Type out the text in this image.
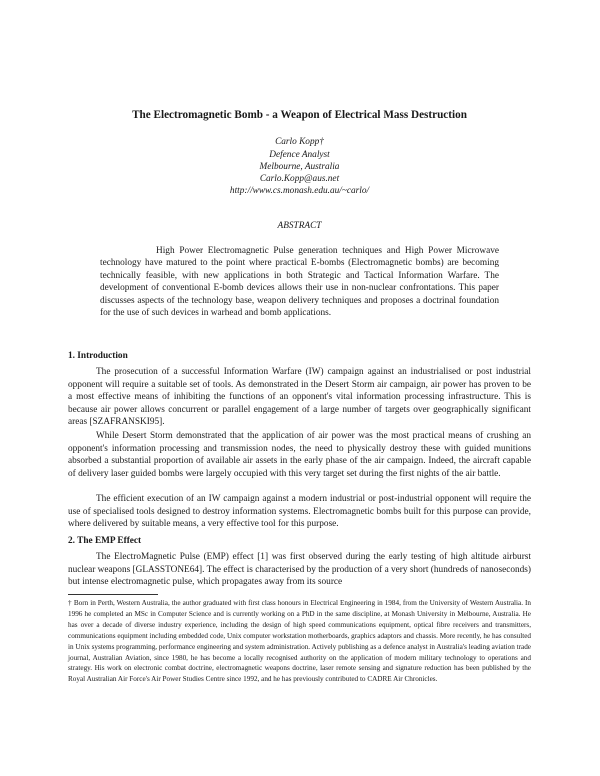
The Electromagnetic Bomb - a Weapon of Electrical Mass Destruction
Carlo Kopp†
Defence Analyst
Melbourne, Australia
Carlo.Kopp@aus.net
http://www.cs.monash.edu.au/~carlo/
ABSTRACT

High Power Electromagnetic Pulse generation techniques and High Power Microwave technology have matured to the point where practical E-bombs (Electromagnetic bombs) are becoming technically feasible, with new applications in both Strategic and Tactical Information Warfare. The development of conventional E-bomb devices allows their use in non-nuclear confrontations. This paper discusses aspects of the technology base, weapon delivery techniques and proposes a doctrinal foundation for the use of such devices in warhead and bomb applications.

1. Introduction

The prosecution of a successful Information Warfare (IW) campaign against an industrialised or post industrial opponent will require a suitable set of tools. As demonstrated in the Desert Storm air campaign, air power has proven to be a most effective means of inhibiting the functions of an opponent's vital information processing infrastructure. This is because air power allows concurrent or parallel engagement of a large number of targets over geographically significant areas [SZAFRANSKI95].

While Desert Storm demonstrated that the application of air power was the most practical means of crushing an opponent's information processing and transmission nodes, the need to physically destroy these with guided munitions absorbed a substantial proportion of available air assets in the early phase of the air campaign. Indeed, the aircraft capable of delivery laser guided bombs were largely occupied with this very target set during the first nights of the air battle.

The efficient execution of an IW campaign against a modern industrial or post-industrial opponent will require the use of specialised tools designed to destroy information systems. Electromagnetic bombs built for this purpose can provide, where delivered by suitable means, a very effective tool for this purpose.

2. The EMP Effect

The ElectroMagnetic Pulse (EMP) effect [1] was first observed during the early testing of high altitude airburst nuclear weapons [GLASSTONE64]. The effect is characterised by the production of a very short (hundreds of nanoseconds) but intense electromagnetic pulse, which propagates away from its source

† Born in Perth, Western Australia, the author graduated with first class honours in Electrical Engineering in 1984, from the University of Western Australia. In 1996 he completed an MSc in Computer Science and is currently working on a PhD in the same discipline, at Monash University in Melbourne, Australia. He has over a decade of diverse industry experience, including the design of high speed communications equipment, optical fibre receivers and transmitters, communications equipment including embedded code, Unix computer workstation motherboards, graphics adaptors and chassis. More recently, he has consulted in Unix systems programming, performance engineering and system administration. Actively publishing as a defence analyst in Australia's leading aviation trade journal, Australian Aviation, since 1980, he has become a locally recognised authority on the application of modern military technology to operations and strategy. His work on electronic combat doctrine, electromagnetic weapons doctrine, laser remote sensing and signature reduction has been published by the Royal Australian Air Force's Air Power Studies Centre since 1992, and he has previously contributed to CADRE Air Chronicles.
